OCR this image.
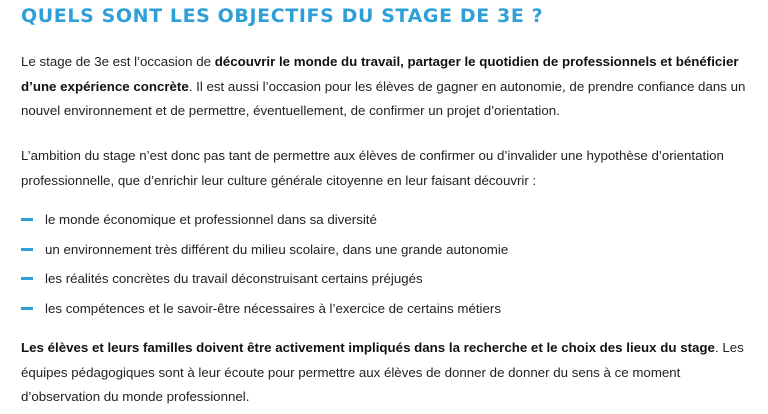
QUELS SONT LES OBJECTIFS DU STAGE DE 3E ?

Le stage de 3e est l’occasion de découvrir le monde du travail, partager le quotidien de professionnels et bénéficier d’une expérience concrète. Il est aussi l’occasion pour les élèves de gagner en autonomie, de prendre confiance dans un nouvel environnement et de permettre, éventuellement, de confirmer un projet d’orientation.

L’ambition du stage n’est donc pas tant de permettre aux élèves de confirmer ou d’invalider une hypothèse d’orientation professionnelle, que d’enrichir leur culture générale citoyenne en leur faisant découvrir :

le monde économique et professionnel dans sa diversité
un environnement très différent du milieu scolaire, dans une grande autonomie
les réalités concrètes du travail déconstruisant certains préjugés
les compétences et le savoir-être nécessaires à l’exercice de certains métiers

Les élèves et leurs familles doivent être activement impliqués dans la recherche et le choix des lieux du stage. Les équipes pédagogiques sont à leur écoute pour permettre aux élèves de donner de donner du sens à ce moment d’observation du monde professionnel.
